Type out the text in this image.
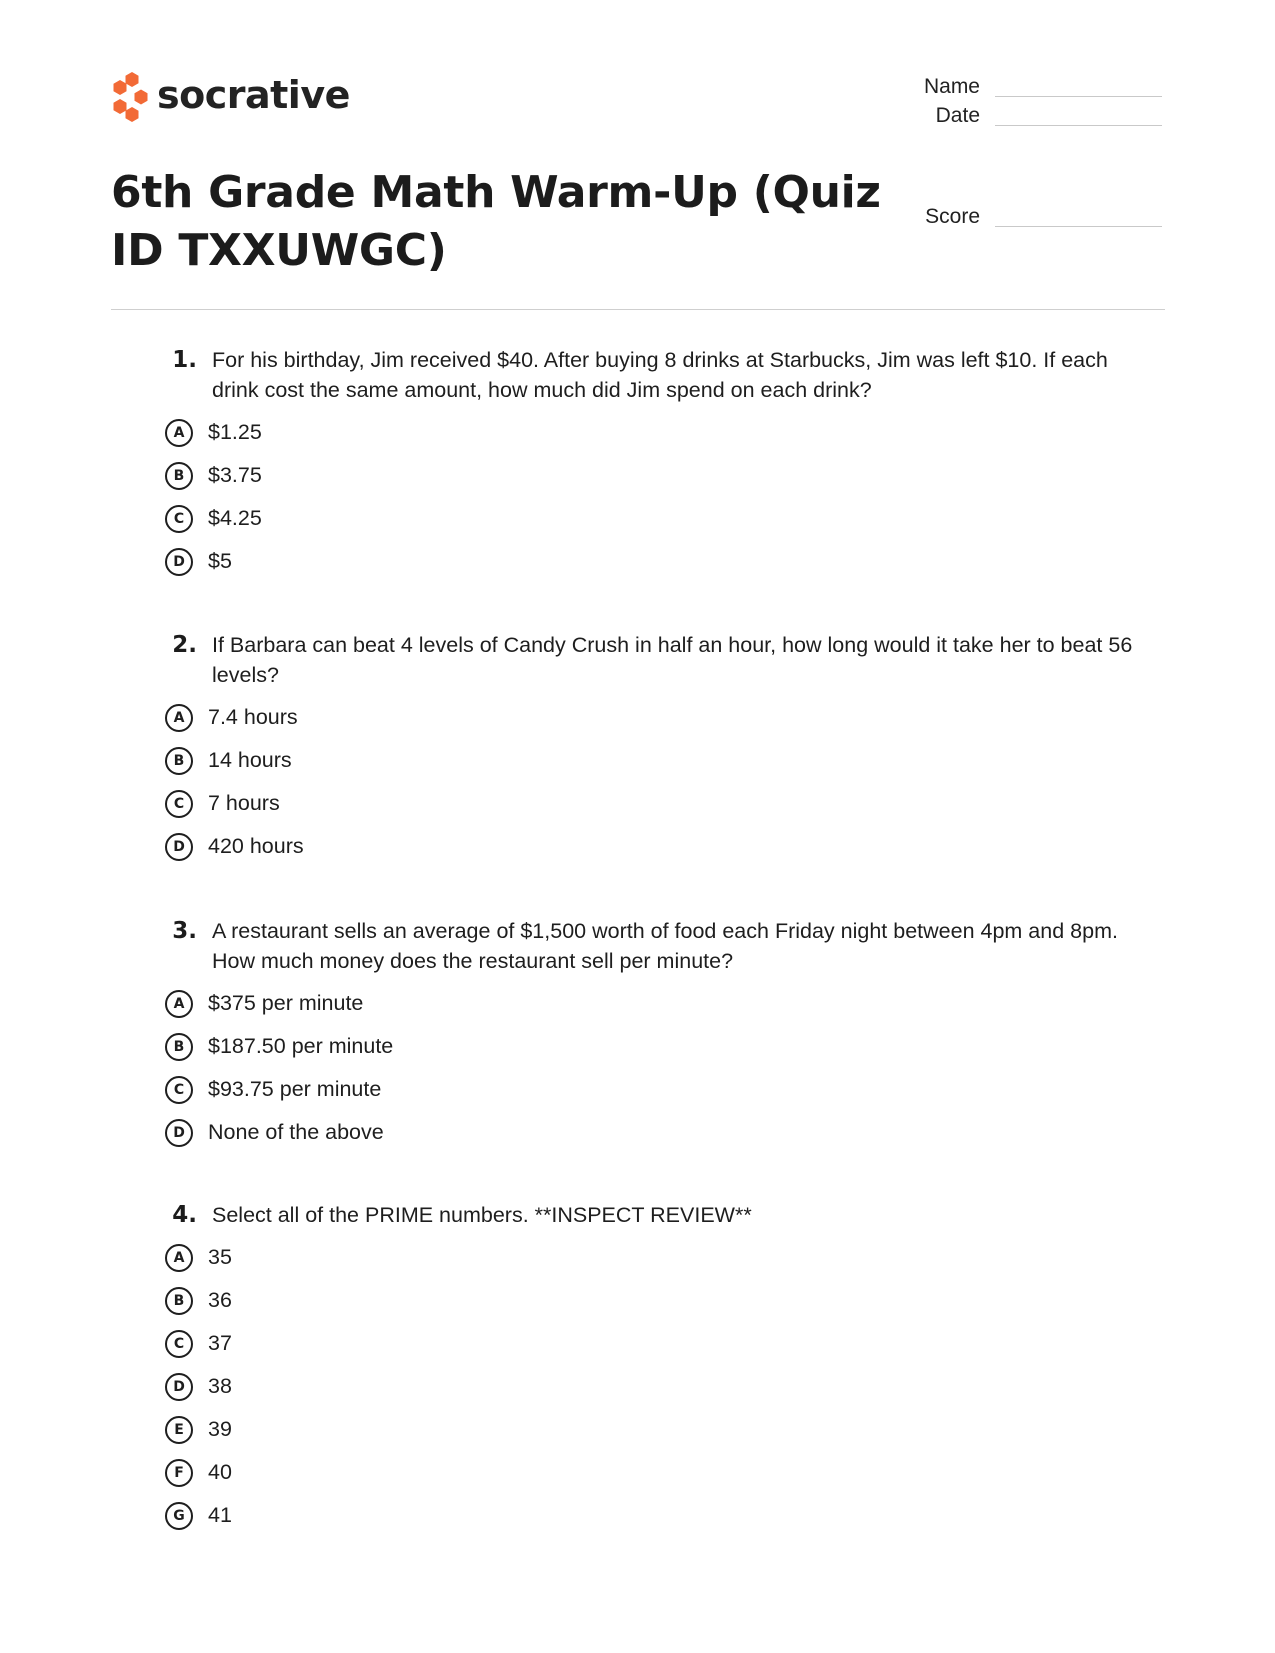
socrative	Name
Date
Score
6th Grade Math Warm-Up (Quiz ID TXXUWGC)
1. For his birthday, Jim received $40. After buying 8 drinks at Starbucks, Jim was left $10. If each drink cost the same amount, how much did Jim spend on each drink?
A	$1.25
B	$3.75
C	$4.25
D	$5
2. If Barbara can beat 4 levels of Candy Crush in half an hour, how long would it take her to beat 56 levels?
A	7.4 hours
B	14 hours
C	7 hours
D	420 hours
3. A restaurant sells an average of $1,500 worth of food each Friday night between 4pm and 8pm. How much money does the restaurant sell per minute?
A	$375 per minute
B	$187.50 per minute
C	$93.75 per minute
D	None of the above
4. Select all of the PRIME numbers. **INSPECT REVIEW**
A	35
B	36
C	37
D	38
E	39
F	40
G	41
